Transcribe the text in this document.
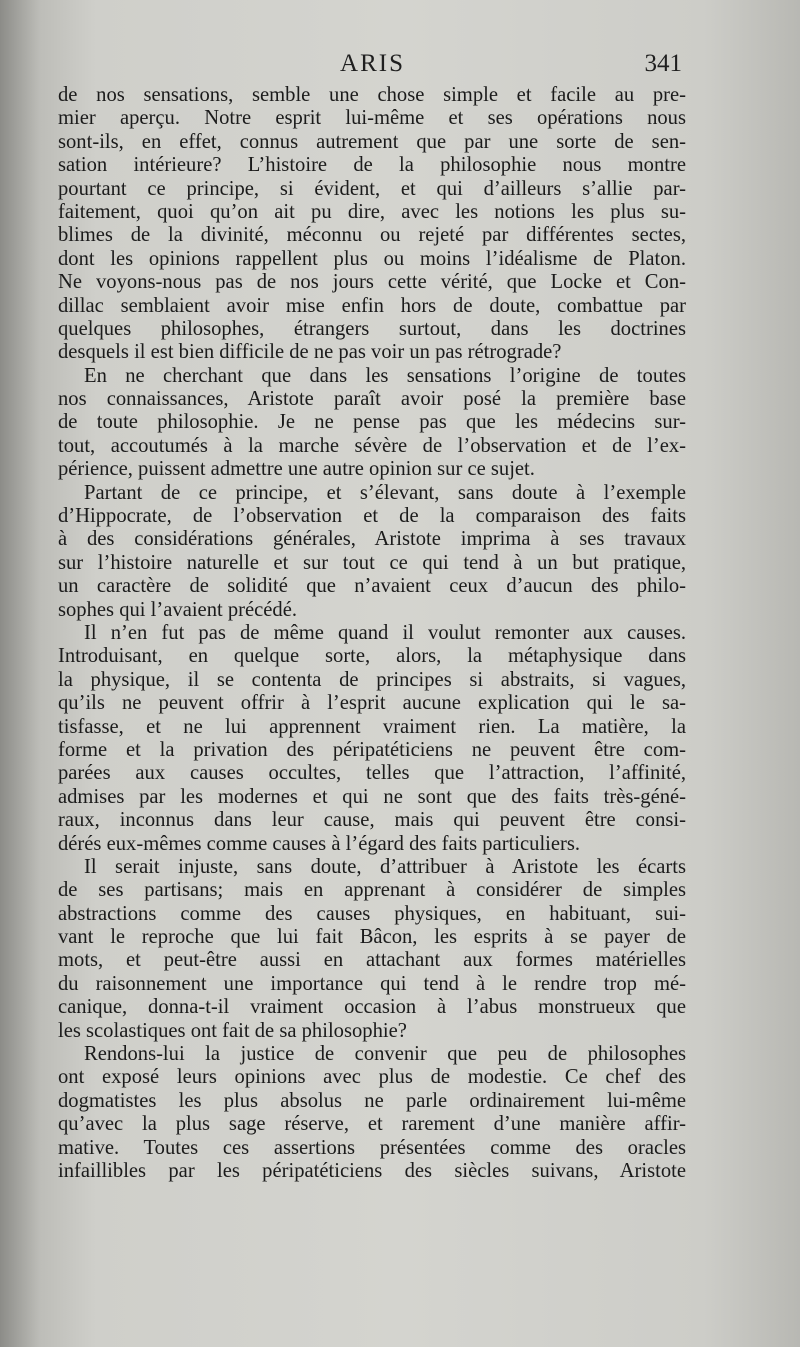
ARIS	341
de nos sensations, semble une chose simple et facile au pre-
mier aperçu. Notre esprit lui-même et ses opérations nous
sont-ils, en effet, connus autrement que par une sorte de sen-
sation intérieure? L’histoire de la philosophie nous montre
pourtant ce principe, si évident, et qui d’ailleurs s’allie par-
faitement, quoi qu’on ait pu dire, avec les notions les plus su-
blimes de la divinité, méconnu ou rejeté par différentes sectes,
dont les opinions rappellent plus ou moins l’idéalisme de Platon.
Ne voyons-nous pas de nos jours cette vérité, que Locke et Con-
dillac semblaient avoir mise enfin hors de doute, combattue par
quelques philosophes, étrangers surtout, dans les doctrines
desquels il est bien difficile de ne pas voir un pas rétrograde?
En ne cherchant que dans les sensations l’origine de toutes
nos connaissances, Aristote paraît avoir posé la première base
de toute philosophie. Je ne pense pas que les médecins sur-
tout, accoutumés à la marche sévère de l’observation et de l’ex-
périence, puissent admettre une autre opinion sur ce sujet.
Partant de ce principe, et s’élevant, sans doute à l’exemple
d’Hippocrate, de l’observation et de la comparaison des faits
à des considérations générales, Aristote imprima à ses travaux
sur l’histoire naturelle et sur tout ce qui tend à un but pratique,
un caractère de solidité que n’avaient ceux d’aucun des philo-
sophes qui l’avaient précédé.
Il n’en fut pas de même quand il voulut remonter aux causes.
Introduisant, en quelque sorte, alors, la métaphysique dans
la physique, il se contenta de principes si abstraits, si vagues,
qu’ils ne peuvent offrir à l’esprit aucune explication qui le sa-
tisfasse, et ne lui apprennent vraiment rien. La matière, la
forme et la privation des péripatéticiens ne peuvent être com-
parées aux causes occultes, telles que l’attraction, l’affinité,
admises par les modernes et qui ne sont que des faits très-géné-
raux, inconnus dans leur cause, mais qui peuvent être consi-
dérés eux-mêmes comme causes à l’égard des faits particuliers.
Il serait injuste, sans doute, d’attribuer à Aristote les écarts
de ses partisans; mais en apprenant à considérer de simples
abstractions comme des causes physiques, en habituant, sui-
vant le reproche que lui fait Bâcon, les esprits à se payer de
mots, et peut-être aussi en attachant aux formes matérielles
du raisonnement une importance qui tend à le rendre trop mé-
canique, donna-t-il vraiment occasion à l’abus monstrueux que
les scolastiques ont fait de sa philosophie?
Rendons-lui la justice de convenir que peu de philosophes
ont exposé leurs opinions avec plus de modestie. Ce chef des
dogmatistes les plus absolus ne parle ordinairement lui-même
qu’avec la plus sage réserve, et rarement d’une manière affir-
mative. Toutes ces assertions présentées comme des oracles
infaillibles par les péripatéticiens des siècles suivans, Aristote
